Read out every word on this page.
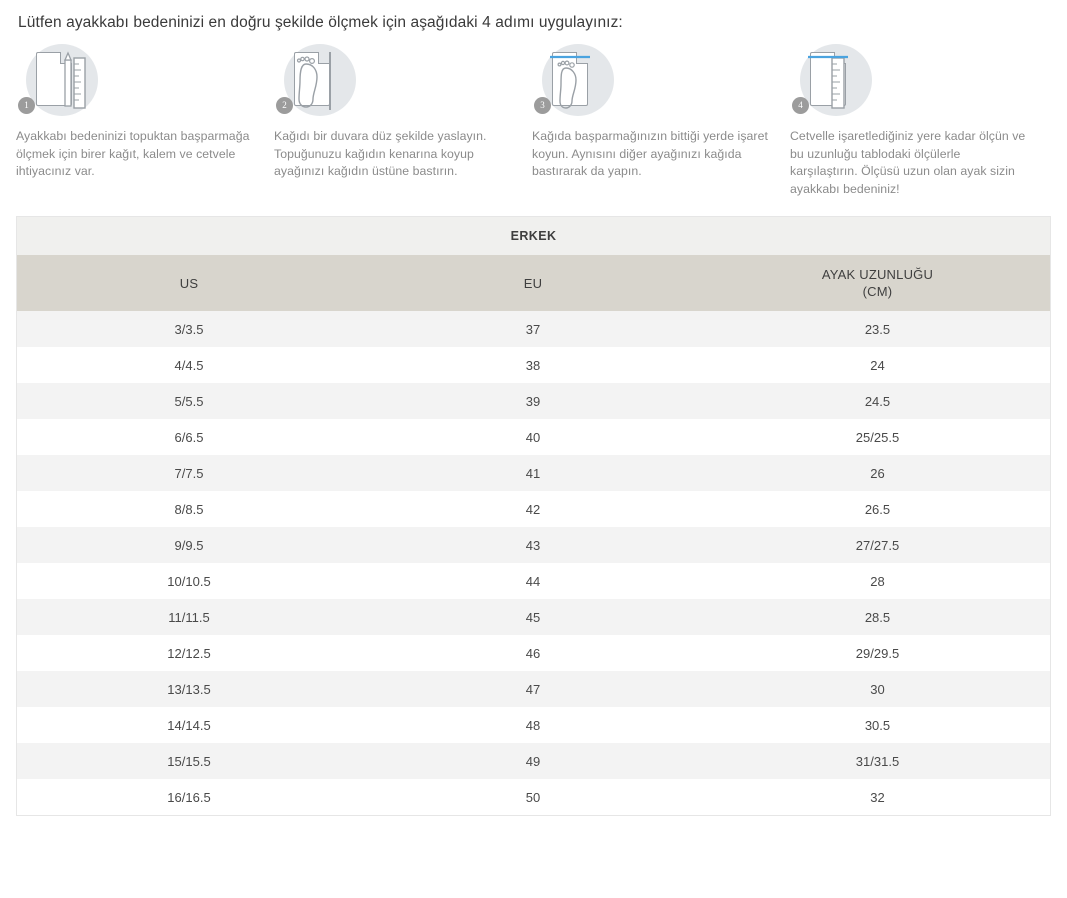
Lütfen ayakkabı bedeninizi en doğru şekilde ölçmek için aşağıdaki 4 adımı uygulayınız:
1
Ayakkabı bedeninizi topuktan başparmağa ölçmek için birer kağıt, kalem ve cetvele ihtiyacınız var.
2
Kağıdı bir duvara düz şekilde yaslayın. Topuğunuzu kağıdın kenarına koyup ayağınızı kağıdın üstüne bastırın.
3
Kağıda başparmağınızın bittiği yerde işaret koyun. Aynısını diğer ayağınızı kağıda bastırarak da yapın.
4
Cetvelle işaretlediğiniz yere kadar ölçün ve bu uzunluğu tablodaki ölçülerle karşılaştırın. Ölçüsü uzun olan ayak sizin ayakkabı bedeniniz!
ERKEK		
US	EU	AYAK UZUNLUĞU
(CM)

3/3.5	37	23.5
4/4.5	38	24
5/5.5	39	24.5
6/6.5	40	25/25.5
7/7.5	41	26
8/8.5	42	26.5
9/9.5	43	27/27.5
10/10.5	44	28
11/11.5	45	28.5
12/12.5	46	29/29.5
13/13.5	47	30
14/14.5	48	30.5
15/15.5	49	31/31.5
16/16.5	50	32
